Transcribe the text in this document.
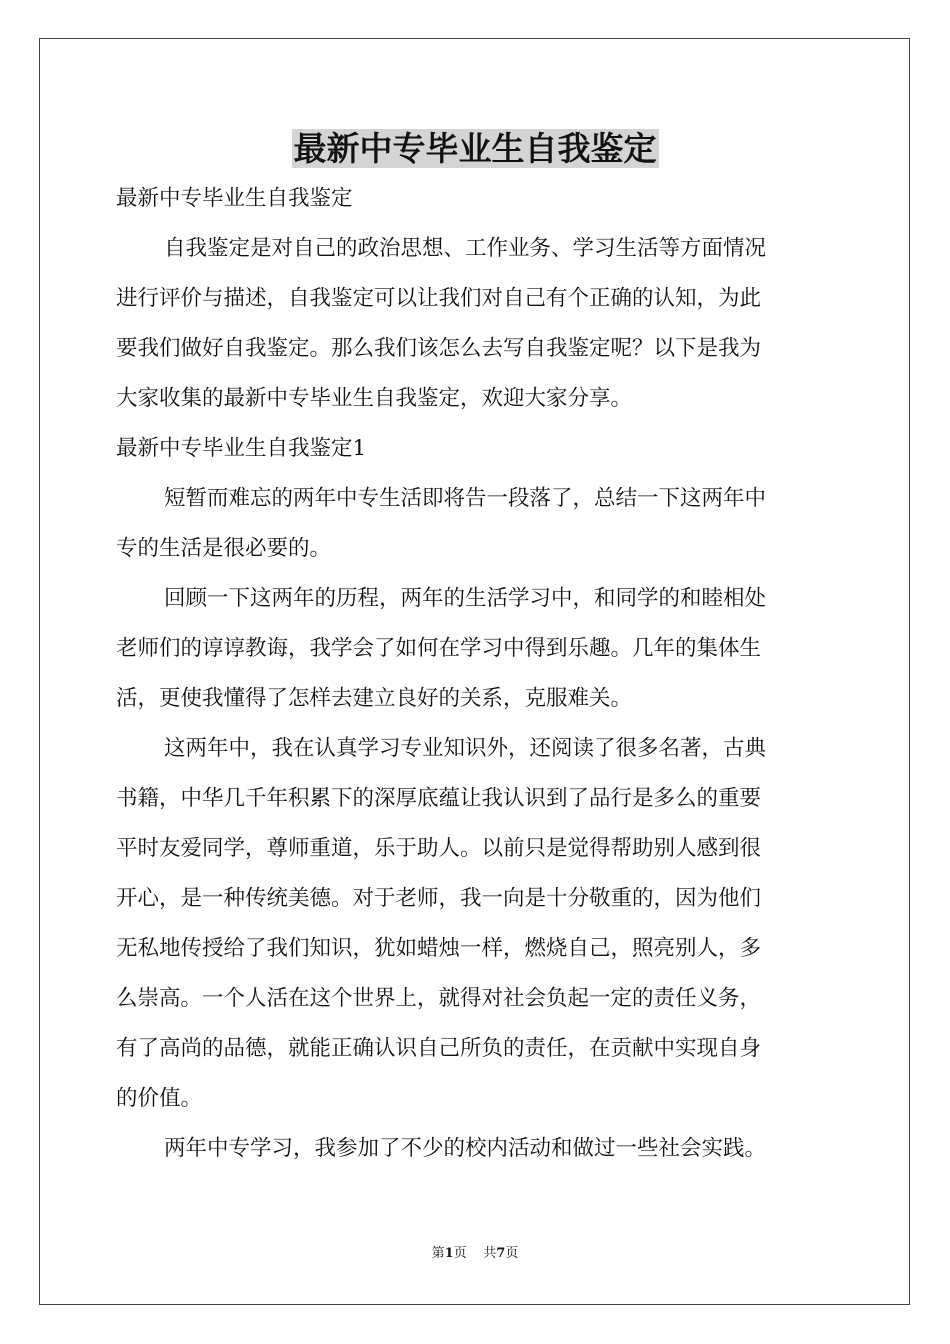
最新中专毕业生自我鉴定
最新中专毕业生自我鉴定
自我鉴定是对自己的政治思想、工作业务、学习生活等方面情况
进行评价与描述，自我鉴定可以让我们对自己有个正确的认知，为此
要我们做好自我鉴定。那么我们该怎么去写自我鉴定呢？以下是我为
大家收集的最新中专毕业生自我鉴定，欢迎大家分享。
最新中专毕业生自我鉴定1
短暂而难忘的两年中专生活即将告一段落了，总结一下这两年中
专的生活是很必要的。
回顾一下这两年的历程，两年的生活学习中，和同学的和睦相处
老师们的谆谆教诲，我学会了如何在学习中得到乐趣。几年的集体生
活，更使我懂得了怎样去建立良好的关系，克服难关。
这两年中，我在认真学习专业知识外，还阅读了很多名著，古典
书籍，中华几千年积累下的深厚底蕴让我认识到了品行是多么的重要
平时友爱同学，尊师重道，乐于助人。以前只是觉得帮助别人感到很
开心，是一种传统美德。对于老师，我一向是十分敬重的，因为他们
无私地传授给了我们知识，犹如蜡烛一样，燃烧自己，照亮别人，多
么崇高。一个人活在这个世界上，就得对社会负起一定的责任义务，
有了高尚的品德，就能正确认识自己所负的责任，在贡献中实现自身
的价值。
两年中专学习，我参加了不少的校内活动和做过一些社会实践。
第1页 共7页
